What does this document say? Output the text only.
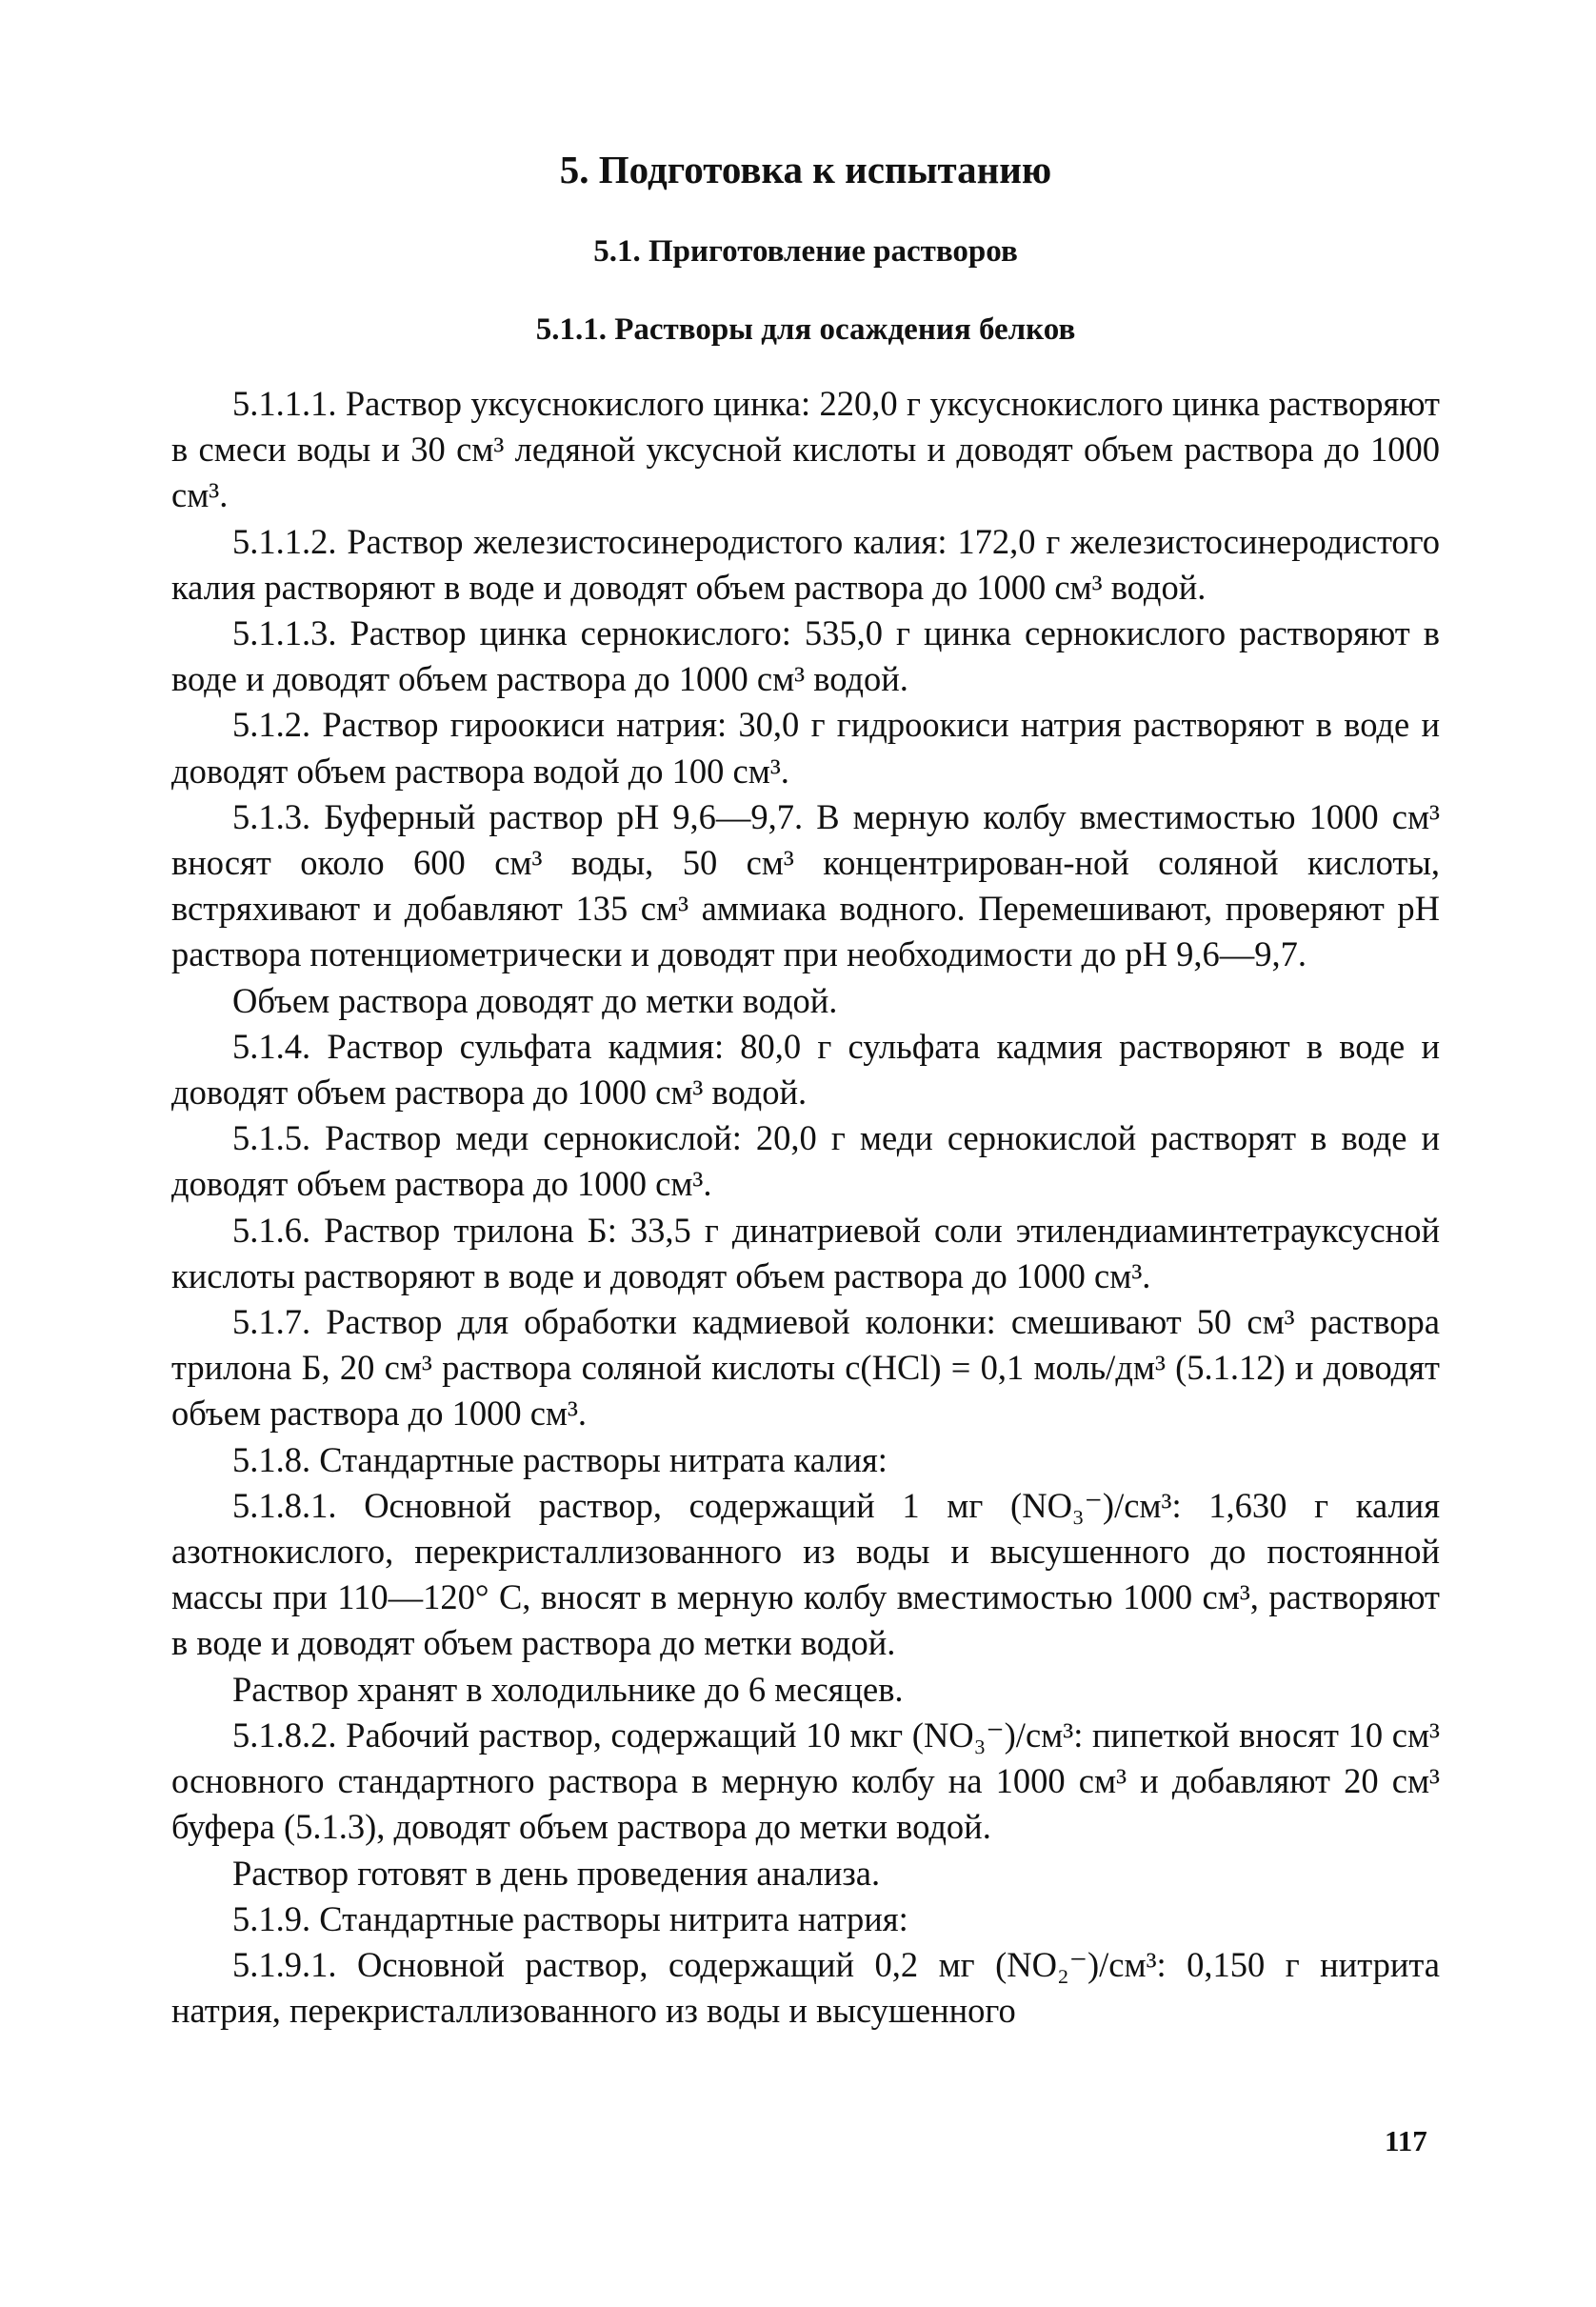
5. Подготовка к испытанию
5.1. Приготовление растворов
5.1.1. Растворы для осаждения белков

5.1.1.1. Раствор уксуснокислого цинка: 220,0 г уксуснокислого цинка растворяют в смеси воды и 30 см³ ледяной уксусной кислоты и доводят объем раствора до 1000 см³.

5.1.1.2. Раствор железистосинеродистого калия: 172,0 г железистосинеродистого калия растворяют в воде и доводят объем раствора до 1000 см³ водой.

5.1.1.3. Раствор цинка сернокислого: 535,0 г цинка сернокислого растворяют в воде и доводят объем раствора до 1000 см³ водой.

5.1.2. Раствор гироокиси натрия: 30,0 г гидроокиси натрия растворяют в воде и доводят объем раствора водой до 100 см³.

5.1.3. Буферный раствор pH 9,6—9,7. В мерную колбу вместимостью 1000 см³ вносят около 600 см³ воды, 50 см³ концентрирован-ной соляной кислоты, встряхивают и добавляют 135 см³ аммиака водного. Перемешивают, проверяют pH раствора потенциометрически и доводят при необходимости до pH 9,6—9,7.

Объем раствора доводят до метки водой.

5.1.4. Раствор сульфата кадмия: 80,0 г сульфата кадмия растворяют в воде и доводят объем раствора до 1000 см³ водой.

5.1.5. Раствор меди сернокислой: 20,0 г меди сернокислой растворят в воде и доводят объем раствора до 1000 см³.

5.1.6. Раствор трилона Б: 33,5 г динатриевой соли этилендиаминтетрауксусной кислоты растворяют в воде и доводят объем раствора до 1000 см³.

5.1.7. Раствор для обработки кадмиевой колонки: смешивают 50 см³ раствора трилона Б, 20 см³ раствора соляной кислоты c(HCl) = 0,1 моль/дм³ (5.1.12) и доводят объем раствора до 1000 см³.

5.1.8. Стандартные растворы нитрата калия:

5.1.8.1. Основной раствор, содержащий 1 мг (NO₃⁻)/см³: 1,630 г калия азотнокислого, перекристаллизованного из воды и высушенного до постоянной массы при 110—120° С, вносят в мерную колбу вместимостью 1000 см³, растворяют в воде и доводят объем раствора до метки водой.

Раствор хранят в холодильнике до 6 месяцев.

5.1.8.2. Рабочий раствор, содержащий 10 мкг (NO₃⁻)/см³: пипеткой вносят 10 см³ основного стандартного раствора в мерную колбу на 1000 см³ и добавляют 20 см³ буфера (5.1.3), доводят объем раствора до метки водой.

Раствор готовят в день проведения анализа.

5.1.9. Стандартные растворы нитрита натрия:

5.1.9.1. Основной раствор, содержащий 0,2 мг (NO₂⁻)/см³: 0,150 г нитрита натрия, перекристаллизованного из воды и высушенного

117
